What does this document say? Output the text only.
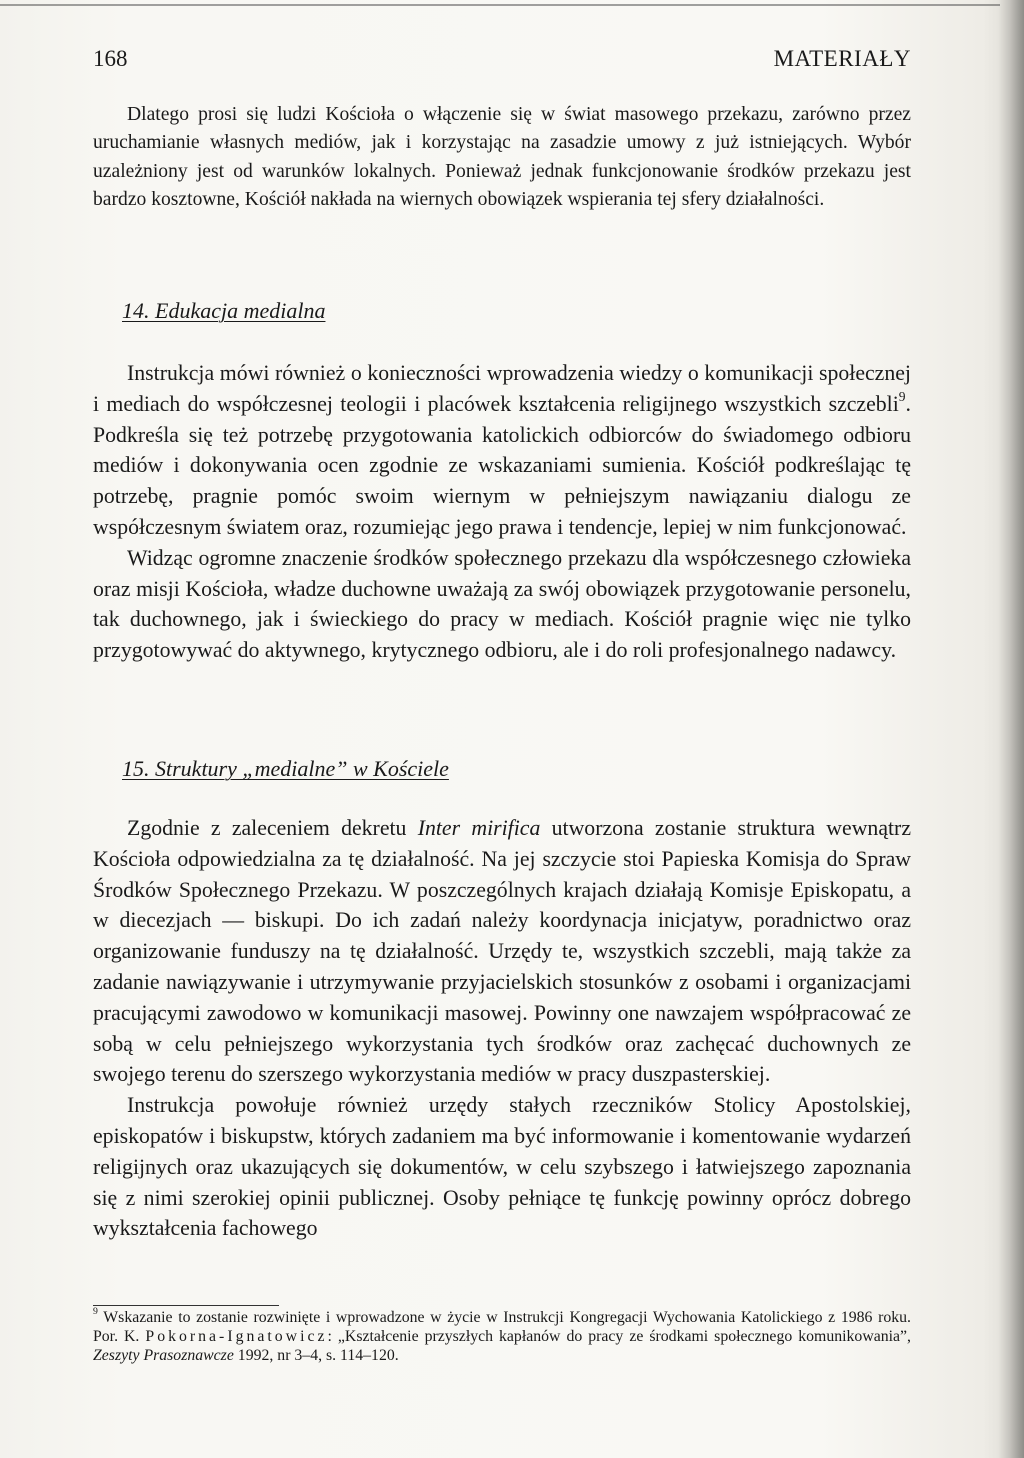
168	MATERIAŁY

Dlatego prosi się ludzi Kościoła o włączenie się w świat masowego przekazu, zarówno przez uruchamianie własnych mediów, jak i korzystając na zasadzie umowy z już istniejących. Wybór uzależniony jest od warunków lokalnych. Ponieważ jednak funkcjonowanie środków przekazu jest bardzo kosztowne, Kościół nakłada na wiernych obowiązek wspierania tej sfery działalności.

14. Edukacja medialna

Instrukcja mówi również o konieczności wprowadzenia wiedzy o komunikacji społecznej i mediach do współczesnej teologii i placówek kształcenia religijnego wszystkich szczebli$^9$. Podkreśla się też potrzebę przygotowania katolickich odbiorców do świadomego odbioru mediów i dokonywania ocen zgodnie ze wskazaniami sumienia. Kościół podkreślając tę potrzebę, pragnie pomóc swoim wiernym w pełniejszym nawiązaniu dialogu ze współczesnym światem oraz, rozumiejąc jego prawa i tendencje, lepiej w nim funkcjonować.

Widząc ogromne znaczenie środków społecznego przekazu dla współczesnego człowieka oraz misji Kościoła, władze duchowne uważają za swój obowiązek przygotowanie personelu, tak duchownego, jak i świeckiego do pracy w mediach. Kościół pragnie więc nie tylko przygotowywać do aktywnego, krytycznego odbioru, ale i do roli profesjonalnego nadawcy.

15. Struktury „medialne” w Kościele

Zgodnie z zaleceniem dekretu Inter mirifica utworzona zostanie struktura wewnątrz Kościoła odpowiedzialna za tę działalność. Na jej szczycie stoi Papieska Komisja do Spraw Środków Społecznego Przekazu. W poszczególnych krajach działają Komisje Episkopatu, a w diecezjach — biskupi. Do ich zadań należy koordynacja inicjatyw, poradnictwo oraz organizowanie funduszy na tę działalność. Urzędy te, wszystkich szczebli, mają także za zadanie nawiązywanie i utrzymywanie przyjacielskich stosunków z osobami i organizacjami pracującymi zawodowo w komunikacji masowej. Powinny one nawzajem współpracować ze sobą w celu pełniejszego wykorzystania tych środków oraz zachęcać duchownych ze swojego terenu do szerszego wykorzystania mediów w pracy duszpasterskiej.

Instrukcja powołuje również urzędy stałych rzeczników Stolicy Apostolskiej, episkopatów i biskupstw, których zadaniem ma być informowanie i komentowanie wydarzeń religijnych oraz ukazujących się dokumentów, w celu szybszego i łatwiejszego zapoznania się z nimi szerokiej opinii publicznej. Osoby pełniące tę funkcję powinny oprócz dobrego wykształcenia fachowego

$^9$ Wskazanie to zostanie rozwinięte i wprowadzone w życie w Instrukcji Kongregacji Wychowania Katolickiego z 1986 roku. Por. K. Pokorna-Ignatowicz: „Kształcenie przyszłych kapłanów do pracy ze środkami społecznego komunikowania”, Zeszyty Prasoznawcze 1992, nr 3–4, s. 114–120.
